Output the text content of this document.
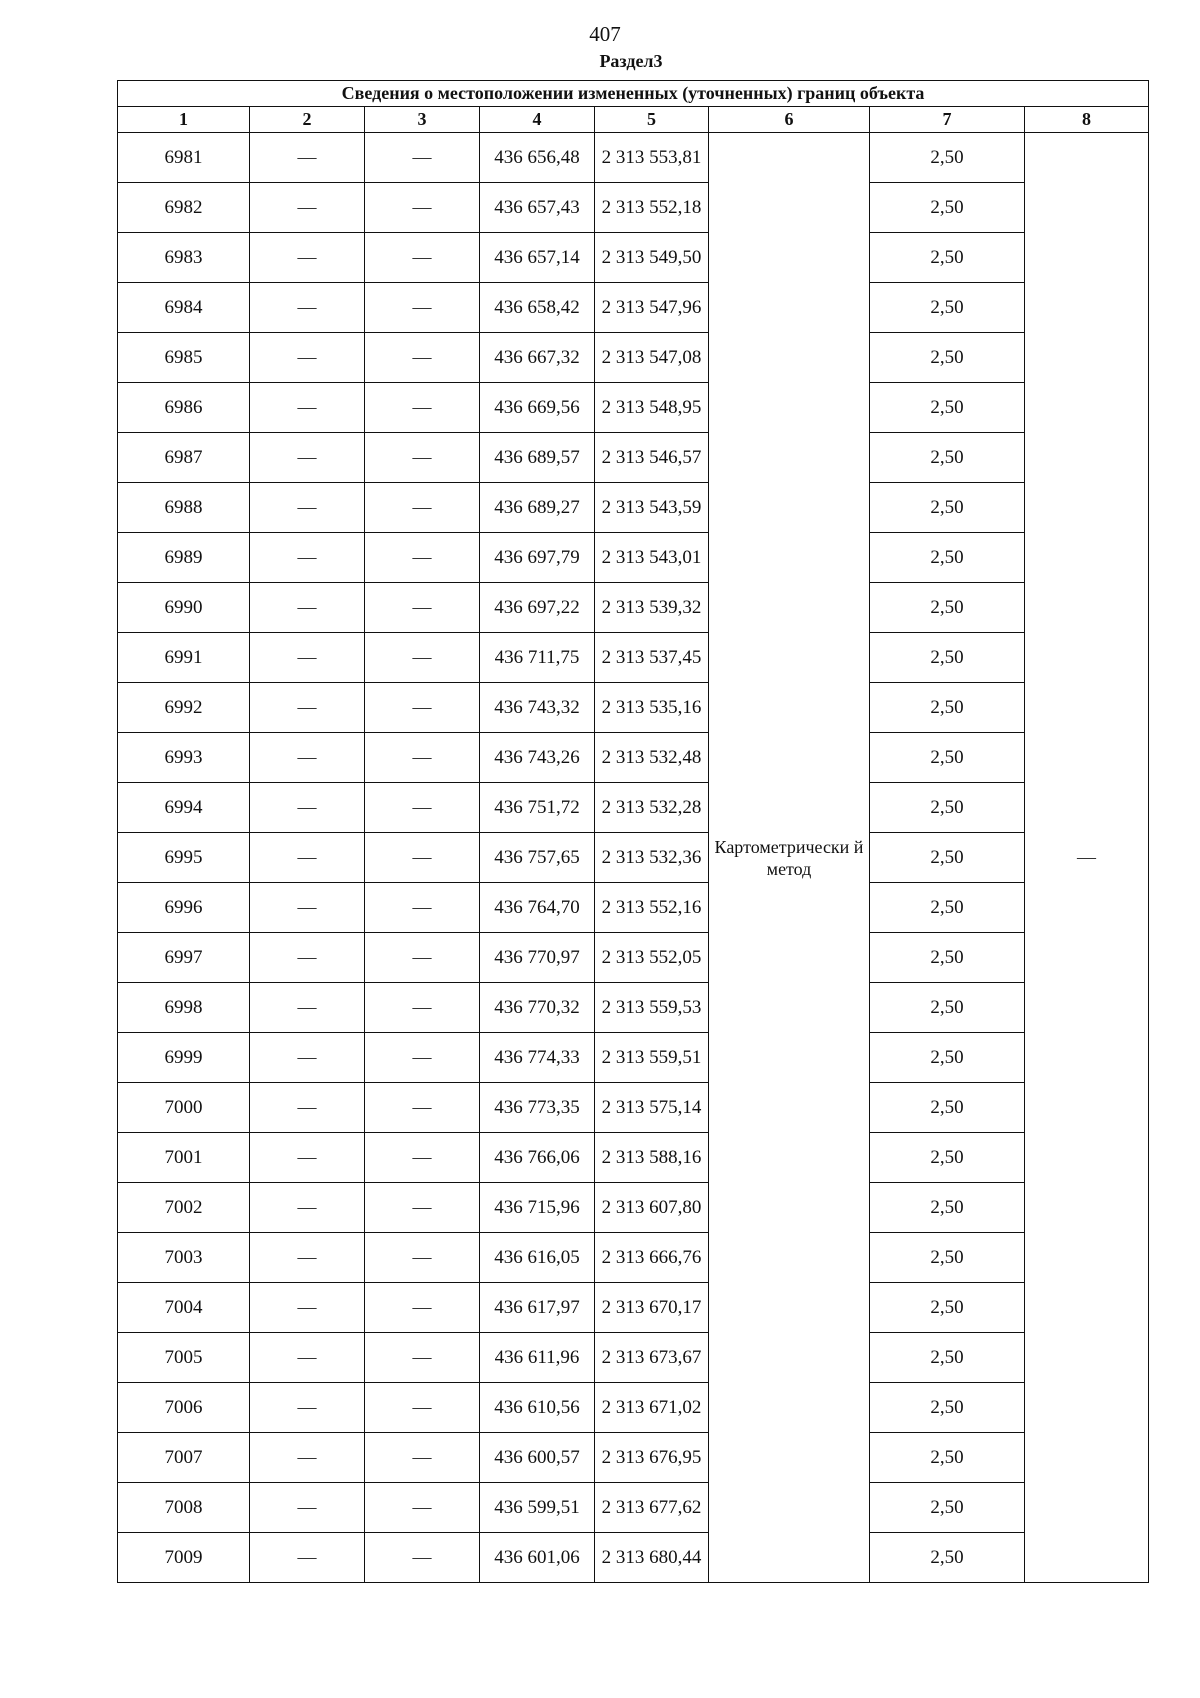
407
Раздел3
Сведения о местоположении измененных (уточненных) границ объекта							
1	2	3	4	5	6	7	8
6981	—	—	436 656,48	2 313 553,81	Картометрически й метод	2,50	—
6982	—	—	436 657,43	2 313 552,18		2,50	
6983	—	—	436 657,14	2 313 549,50		2,50	
6984	—	—	436 658,42	2 313 547,96		2,50	
6985	—	—	436 667,32	2 313 547,08		2,50	
6986	—	—	436 669,56	2 313 548,95		2,50	
6987	—	—	436 689,57	2 313 546,57		2,50	
6988	—	—	436 689,27	2 313 543,59		2,50	
6989	—	—	436 697,79	2 313 543,01		2,50	
6990	—	—	436 697,22	2 313 539,32		2,50	
6991	—	—	436 711,75	2 313 537,45		2,50	
6992	—	—	436 743,32	2 313 535,16		2,50	
6993	—	—	436 743,26	2 313 532,48		2,50	
6994	—	—	436 751,72	2 313 532,28		2,50	
6995	—	—	436 757,65	2 313 532,36		2,50	
6996	—	—	436 764,70	2 313 552,16		2,50	
6997	—	—	436 770,97	2 313 552,05		2,50	
6998	—	—	436 770,32	2 313 559,53		2,50	
6999	—	—	436 774,33	2 313 559,51		2,50	
7000	—	—	436 773,35	2 313 575,14		2,50	
7001	—	—	436 766,06	2 313 588,16		2,50	
7002	—	—	436 715,96	2 313 607,80		2,50	
7003	—	—	436 616,05	2 313 666,76		2,50	
7004	—	—	436 617,97	2 313 670,17		2,50	
7005	—	—	436 611,96	2 313 673,67		2,50	
7006	—	—	436 610,56	2 313 671,02		2,50	
7007	—	—	436 600,57	2 313 676,95		2,50	
7008	—	—	436 599,51	2 313 677,62		2,50	
7009	—	—	436 601,06	2 313 680,44		2,50	
